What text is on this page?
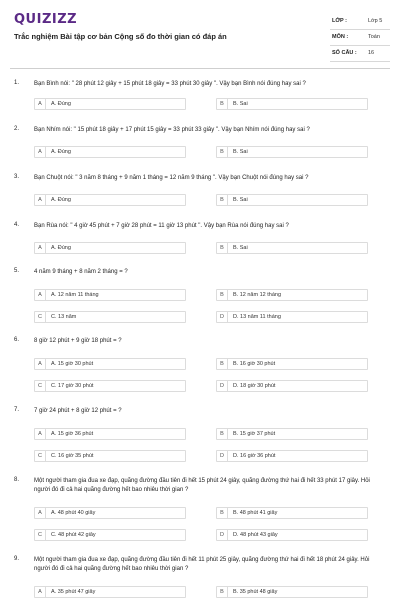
QUIZIZZ
Trắc nghiệm Bài tập cơ bản Cộng số đo thời gian có đáp án
LỚP :	Lớp 5
MÔN :	Toán
SỐ CÂU : 16
1. Bạn Bình nói: " 28 phút 12 giây + 15 phút 18 giây = 33 phút 30 giây ". Vậy bạn Bình nói đúng hay sai ?
A	A. Đúng	B	B. Sai
2. Bạn Nhím nói: " 15 phút 18 giây + 17 phút 15 giây = 33 phút 33 giây ". Vậy bạn Nhím nói đúng hay sai ?
A	A. Đúng	B	B. Sai
3. Bạn Chuột nói: " 3 năm 8 tháng + 9 năm 1 tháng = 12 năm 9 tháng ". Vậy bạn Chuột nói đúng hay sai ?
A	A. Đúng	B	B. Sai
4. Bạn Rùa nói: " 4 giờ 45 phút + 7 giờ 28 phút = 11 giờ 13 phút ". Vậy bạn Rùa nói đúng hay sai ?
A	A. Đúng	B	B. Sai
5. 4 năm 9 tháng + 8 năm 2 tháng = ?
A	A. 12 năm 11 tháng	B	B. 12 năm 12 tháng
C	C. 13 năm	D	D. 13 năm 11 tháng
6. 8 giờ 12 phút + 9 giờ 18 phút = ?
A	A. 15 giờ 30 phút	B	B. 16 giờ 30 phút
C	C. 17 giờ 30 phút	D	D. 18 giờ 30 phút
7. 7 giờ 24 phút + 8 giờ 12 phút = ?
A	A. 15 giờ 36 phút	B	B. 15 giờ 37 phút
C	C. 16 giờ 35 phút	D	D. 16 giờ 36 phút
8. Một người tham gia đua xe đạp, quãng đường đầu tiên đi hết 15 phút 24 giây, quãng đường thứ hai đi hết 33 phút 17 giây. Hỏi người đó đi cả hai quãng đường hết bao nhiêu thời gian ?
A	A. 48 phút 40 giây	B	B. 48 phút 41 giây
C	C. 48 phút 42 giây	D	D. 48 phút 43 giây
9. Một người tham gia đua xe đạp, quãng đường đầu tiên đi hết 11 phút 25 giây, quãng đường thứ hai đi hết 18 phút 24 giây. Hỏi người đó đi cả hai quãng đường hết bao nhiêu thời gian ?
A	A. 35 phút 47 giây	B	B. 35 phút 48 giây
